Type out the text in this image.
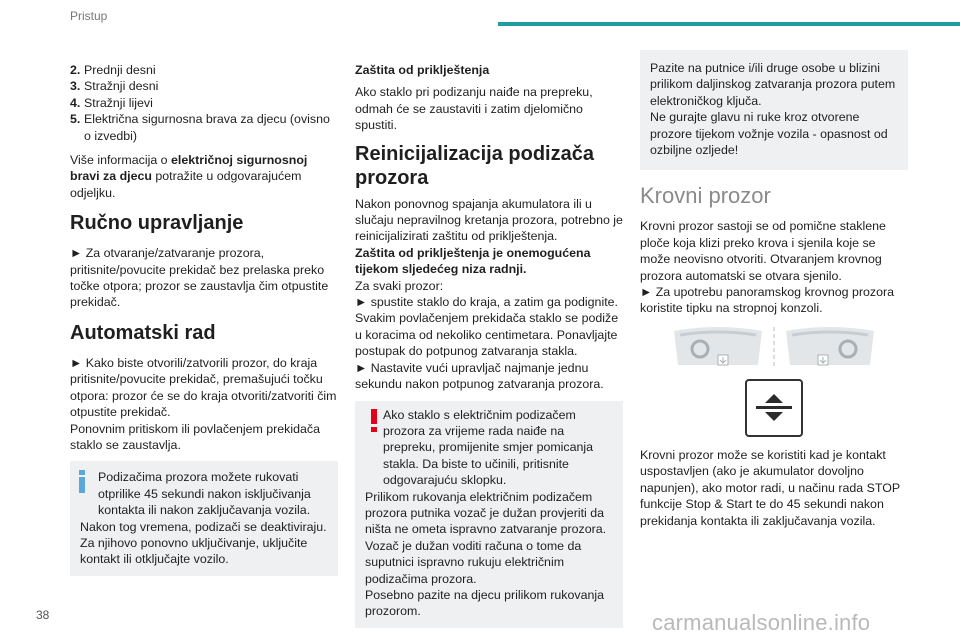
Pristup
2. Prednji desni
3. Stražnji desni
4. Stražnji lijevi
5. Električna sigurnosna brava za djecu (ovisno o izvedbi)

Više informacija o električnoj sigurnosnoj bravi za djecu potražite u odgovarajućem odjeljku.

Ručno upravljanje

► Za otvaranje/zatvaranje prozora, pritisnite/povucite prekidač bez prelaska preko točke otpora; prozor se zaustavlja čim otpustite prekidač.

Automatski rad

► Kako biste otvorili/zatvorili prozor, do kraja pritisnite/povucite prekidač, premašujući točku otpora: prozor će se do kraja otvoriti/zatvoriti čim otpustite prekidač.

Ponovnim pritiskom ili povlačenjem prekidača staklo se zaustavlja.

Podizačima prozora možete rukovati otprilike 45 sekundi nakon isključivanja kontakta ili nakon zaključavanja vozila.

Nakon tog vremena, podizači se deaktiviraju. Za njihovo ponovno uključivanje, uključite kontakt ili otključajte vozilo.

Zaštita od priklještenja

Ako staklo pri podizanju naiđe na prepreku, odmah će se zaustaviti i zatim djelomično spustiti.

Reinicijalizacija podizača prozora

Nakon ponovnog spajanja akumulatora ili u slučaju nepravilnog kretanja prozora, potrebno je reinicijalizirati zaštitu od priklještenja.

Zaštita od priklještenja je onemogućena tijekom sljedećeg niza radnji.

Za svaki prozor:

► spustite staklo do kraja, a zatim ga podignite. Svakim povlačenjem prekidača staklo se podiže u koracima od nekoliko centimetara. Ponavljajte postupak do potpunog zatvaranja stakla.

► Nastavite vući upravljač najmanje jednu sekundu nakon potpunog zatvaranja prozora.

Ako staklo s električnim podizačem prozora za vrijeme rada naiđe na prepreku, promijenite smjer pomicanja stakla. Da biste to učinili, pritisnite odgovarajuću sklopku.

Prilikom rukovanja električnim podizačem prozora putnika vozač je dužan provjeriti da ništa ne ometa ispravno zatvaranje prozora.

Vozač je dužan voditi računa o tome da suputnici ispravno rukuju električnim podizačima prozora.

Posebno pazite na djecu prilikom rukovanja prozorom.

Pazite na putnice i/ili druge osobe u blizini prilikom daljinskog zatvaranja prozora putem elektroničkog ključa.

Ne gurajte glavu ni ruke kroz otvorene prozore tijekom vožnje vozila - opasnost od ozbiljne ozljede!

Krovni prozor

Krovni prozor sastoji se od pomične staklene ploče koja klizi preko krova i sjenila koje se može neovisno otvoriti. Otvaranjem krovnog prozora automatski se otvara sjenilo.

► Za upotrebu panoramskog krovnog prozora koristite tipku na stropnoj konzoli.

Krovni prozor može se koristiti kad je kontakt uspostavljen (ako je akumulator dovoljno napunjen), ako motor radi, u načinu rada STOP funkcije Stop & Start te do 45 sekundi nakon prekidanja kontakta ili zaključavanja vozila.

38	carmanualsonline.info
